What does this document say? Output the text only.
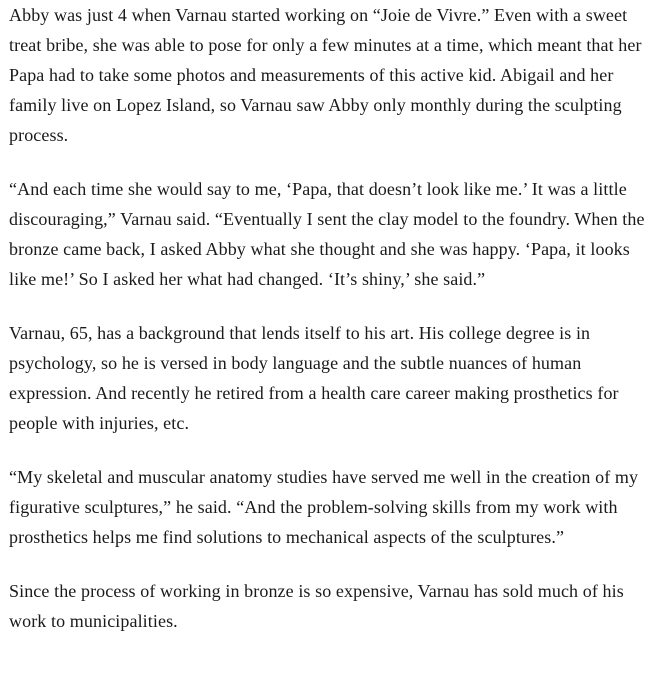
Abby was just 4 when Varnau started working on “Joie de Vivre.” Even with a sweet treat bribe, she was able to pose for only a few minutes at a time, which meant that her Papa had to take some photos and measurements of this active kid. Abigail and her family live on Lopez Island, so Varnau saw Abby only monthly during the sculpting process.

“And each time she would say to me, ‘Papa, that doesn’t look like me.’ It was a little discouraging,” Varnau said. “Eventually I sent the clay model to the foundry. When the bronze came back, I asked Abby what she thought and she was happy. ‘Papa, it looks like me!’ So I asked her what had changed. ‘It’s shiny,’ she said.”

Varnau, 65, has a background that lends itself to his art. His college degree is in psychology, so he is versed in body language and the subtle nuances of human expression. And recently he retired from a health care career making prosthetics for people with injuries, etc.

“My skeletal and muscular anatomy studies have served me well in the creation of my figurative sculptures,” he said. “And the problem-solving skills from my work with prosthetics helps me find solutions to mechanical aspects of the sculptures.”

Since the process of working in bronze is so expensive, Varnau has sold much of his work to municipalities.
